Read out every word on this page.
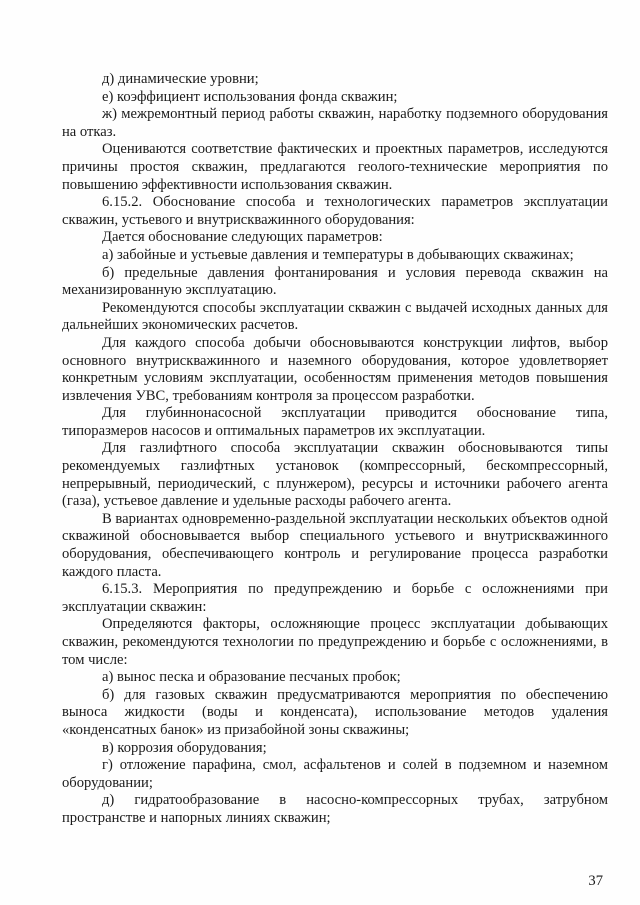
д) динамические уровни;

е) коэффициент использования фонда скважин;

ж) межремонтный период работы скважин, наработку подземного оборудования на отказ.

Оцениваются соответствие фактических и проектных параметров, исследуются причины простоя скважин, предлагаются геолого-технические мероприятия по повышению эффективности использования скважин.

6.15.2. Обоснование способа и технологических параметров эксплуатации скважин, устьевого и внутрискважинного оборудования:

Дается обоснование следующих параметров:

а) забойные и устьевые давления и температуры в добывающих скважинах;

б) предельные давления фонтанирования и условия перевода скважин на механизированную эксплуатацию.

Рекомендуются способы эксплуатации скважин с выдачей исходных данных для дальнейших экономических расчетов.

Для каждого способа добычи обосновываются конструкции лифтов, выбор основного внутрискважинного и наземного оборудования, которое удовлетворяет конкретным условиям эксплуатации, особенностям применения методов повышения извлечения УВС, требованиям контроля за процессом разработки.

Для глубиннонасосной эксплуатации приводится обоснование типа, типоразмеров насосов и оптимальных параметров их эксплуатации.

Для газлифтного способа эксплуатации скважин обосновываются типы рекомендуемых газлифтных установок (компрессорный, бескомпрессорный, непрерывный, периодический, с плунжером), ресурсы и источники рабочего агента (газа), устьевое давление и удельные расходы рабочего агента.

В вариантах одновременно-раздельной эксплуатации нескольких объектов одной скважиной обосновывается выбор специального устьевого и внутрискважинного оборудования, обеспечивающего контроль и регулирование процесса разработки каждого пласта.

6.15.3. Мероприятия по предупреждению и борьбе с осложнениями при эксплуатации скважин:

Определяются факторы, осложняющие процесс эксплуатации добывающих скважин, рекомендуются технологии по предупреждению и борьбе с осложнениями, в том числе:

а) вынос песка и образование песчаных пробок;

б) для газовых скважин предусматриваются мероприятия по обеспечению выноса жидкости (воды и конденсата), использование методов удаления «конденсатных банок» из призабойной зоны скважины;

в) коррозия оборудования;

г) отложение парафина, смол, асфальтенов и солей в подземном и наземном оборудовании;

д) гидратообразование в насосно-компрессорных трубах, затрубном пространстве и напорных линиях скважин;

37
